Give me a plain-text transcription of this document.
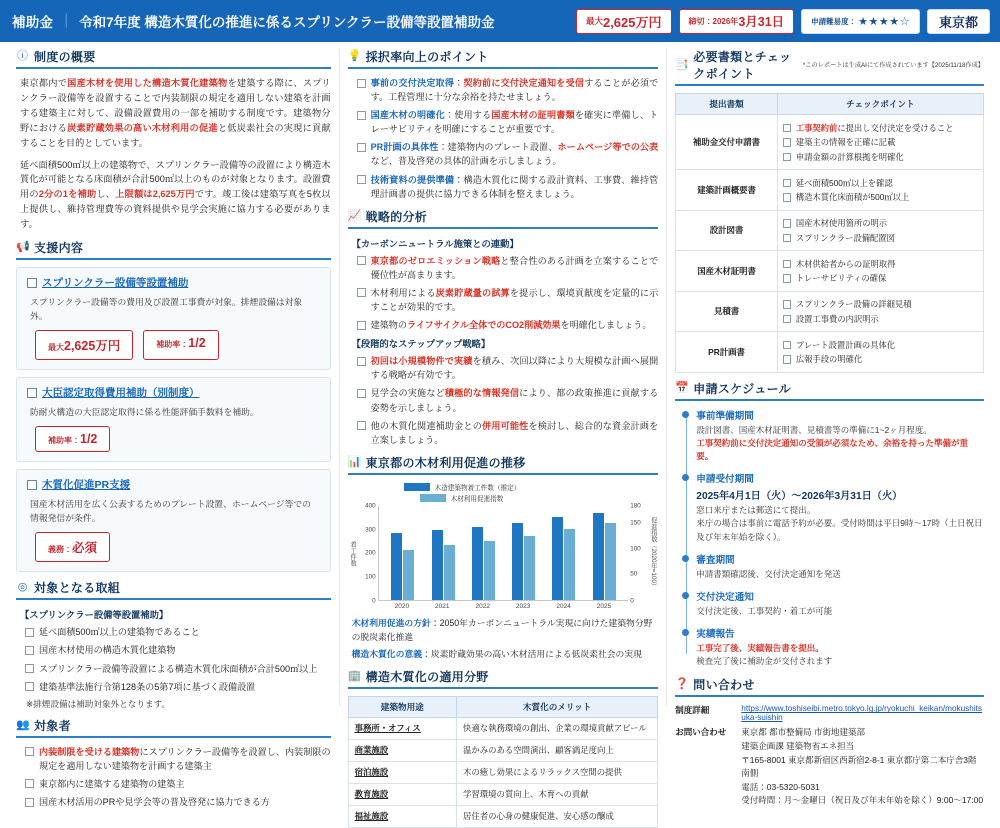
補助金 ｜ 令和7年度 構造木質化の推進に係るスプリンクラー設備等設置補助金	最大 2,625万円	締切：2026年 3月31日	申請難易度： ★★★★☆	東京都
ⓘ 制度の概要

東京都内で国産木材を使用した構造木質化建築物を建築する際に、スプリンクラー設備等を設置することで内装制限の規定を適用しない建築を計画する建築主に対して、設備設置費用の一部を補助する制度です。建築物分野における炭素貯蔵効果の高い木材利用の促進と低炭素社会の実現に貢献することを目的としています。

延べ面積500㎡以上の建築物で、スプリンクラー設備等の設置により構造木質化が可能となる床面積が合計500㎡以上のものが対象となります。設置費用の2分の1を補助し、上限額は2,625万円です。竣工後は建築写真を5枚以上提供し、維持管理費等の資料提供や見学会実施に協力する必要があります。

📢 支援内容
スプリンクラー設備等設置補助
スプリンクラー設備等の費用及び設置工事費が対象。排煙設備は対象外。
最大 2,625万円	補助率： 1/2
大臣認定取得費用補助（別制度）
防耐火構造の大臣認定取得に係る性能評価手数料を補助。
補助率： 1/2
木質化促進PR支援
国産木材活用を広く公表するためのプレート設置、ホームページ等での情報発信が条件。
義務： 必須
◎ 対象となる取組
【スプリンクラー設備等設置補助】
延べ面積500㎡以上の建築物であること
国産木材使用の構造木質化建築物
スプリンクラー設備等設置による構造木質化床面積が合計500㎡以上
建築基準法施行令第128条の5第7項に基づく設備設置
※排煙設備は補助対象外となります。
👥 対象者
内装制限を受ける建築物にスプリンクラー設備等を設置し、内装制限の規定を適用しない建築物を計画する建築主
東京都内に建築する建築物の建築主
国産木材活用のPRや見学会等の普及啓発に協力できる方
💡 採択率向上のポイント
事前の交付決定取得：契約前に交付決定通知を受信することが必須です。工程管理に十分な余裕を持たせましょう。
国産木材の明確化：使用する国産木材の証明書類を確実に準備し、トレーサビリティを明確にすることが重要です。
PR計画の具体性：建築物内のプレート設置、ホームページ等での公表など、普及啓発の具体的計画を示しましょう。
技術資料の提供準備：構造木質化に関する設計資料、工事費、維持管理計画書の提供に協力できる体制を整えましょう。
📈 戦略的分析
【カーボンニュートラル施策との連動】
東京都のゼロエミッション戦略と整合性のある計画を立案することで優位性が高まります。
木材利用による炭素貯蔵量の試算を提示し、環境貢献度を定量的に示すことが効果的です。
建築物のライフサイクル全体でのCO2削減効果を明確化しましょう。
【段階的なステップアップ戦略】
初回は小規模物件で実績を積み、次回以降により大規模な計画へ展開する戦略が有効です。
見学会の実施など積極的な情報発信により、都の政策推進に貢献する姿勢を示しましょう。
他の木質化関連補助金との併用可能性を検討し、総合的な資金計画を立案しましょう。
📊 東京都の木材利用促進の推移
木造建築物着工件数（推定）
木材利用促進指数
着工件数
0
100
200
300
400
0
50
100
150
180
促進指数（2020年=100）
2020	2021	2022	2023	2024	2025
木材利用促進の方針：2050年カーボンニュートラル実現に向けた建築物分野の脱炭素化推進
構造木質化の意義：炭素貯蔵効果の高い木材活用による低炭素社会の実現
🏢 構造木質化の適用分野
建築物用途	木質化のメリット
事務所・オフィス	快適な執務環境の創出、企業の環境貢献アピール
商業施設	温かみのある空間演出、顧客満足度向上
宿泊施設	木の癒し効果によるリラックス空間の提供
教育施設	学習環境の質向上、木育への貢献
福祉施設	居住者の心身の健康促進、安心感の醸成
📑
必要書類とチェックポイント
*このレポートは生成AIにて作成されています【2025/11/18作成】
提出書類	チェックポイント
補助金交付申請書	工事契約前に提出し交付決定を受けること
建築主の情報を正確に記載
申請金額の計算根拠を明確化

建築計画概要書	延べ面積500㎡以上を確認
構造木質化床面積が500㎡以上

設計図書	国産木材使用箇所の明示
スプリンクラー設備配置図

国産木材証明書	木材供給者からの証明取得
トレーサビリティの確保

見積書	スプリンクラー設備の詳細見積
設置工事費の内訳明示

PR計画書	プレート設置計画の具体化
広報手段の明確化
📅 申請スケジュール
事前準備期間
設計図書、国産木材証明書、見積書等の準備に1~2ヶ月程度。
工事契約前に交付決定通知の受領が必須なため、余裕を持った準備が重要。
申請受付期間
2025年4月1日（火）～2026年3月31日（火）
窓口来庁または郵送にて提出。
来庁の場合は事前に電話予約が必要。受付時間は平日9時～17時（土日祝日及び年末年始を除く）。
審査期間
申請書類確認後、交付決定通知を発送
交付決定通知
交付決定後、工事契約・着工が可能
実績報告
工事完了後、実績報告書を提出。
検査完了後に補助金が交付されます
❓ 問い合わせ
制度詳細	https://www.toshiseibi.metro.tokyo.lg.jp/ryokuchi_keikan/mokushitsuka-suishin
お問い合わせ	東京都 都市整備局 市街地建築部
建築企画課 建築物省エネ担当
〒165-8001 東京都新宿区西新宿2-8-1 東京都庁第二本庁舎3階南側
電話：03-5320-5031
受付時間：月～金曜日（祝日及び年末年始を除く）9:00～17:00
